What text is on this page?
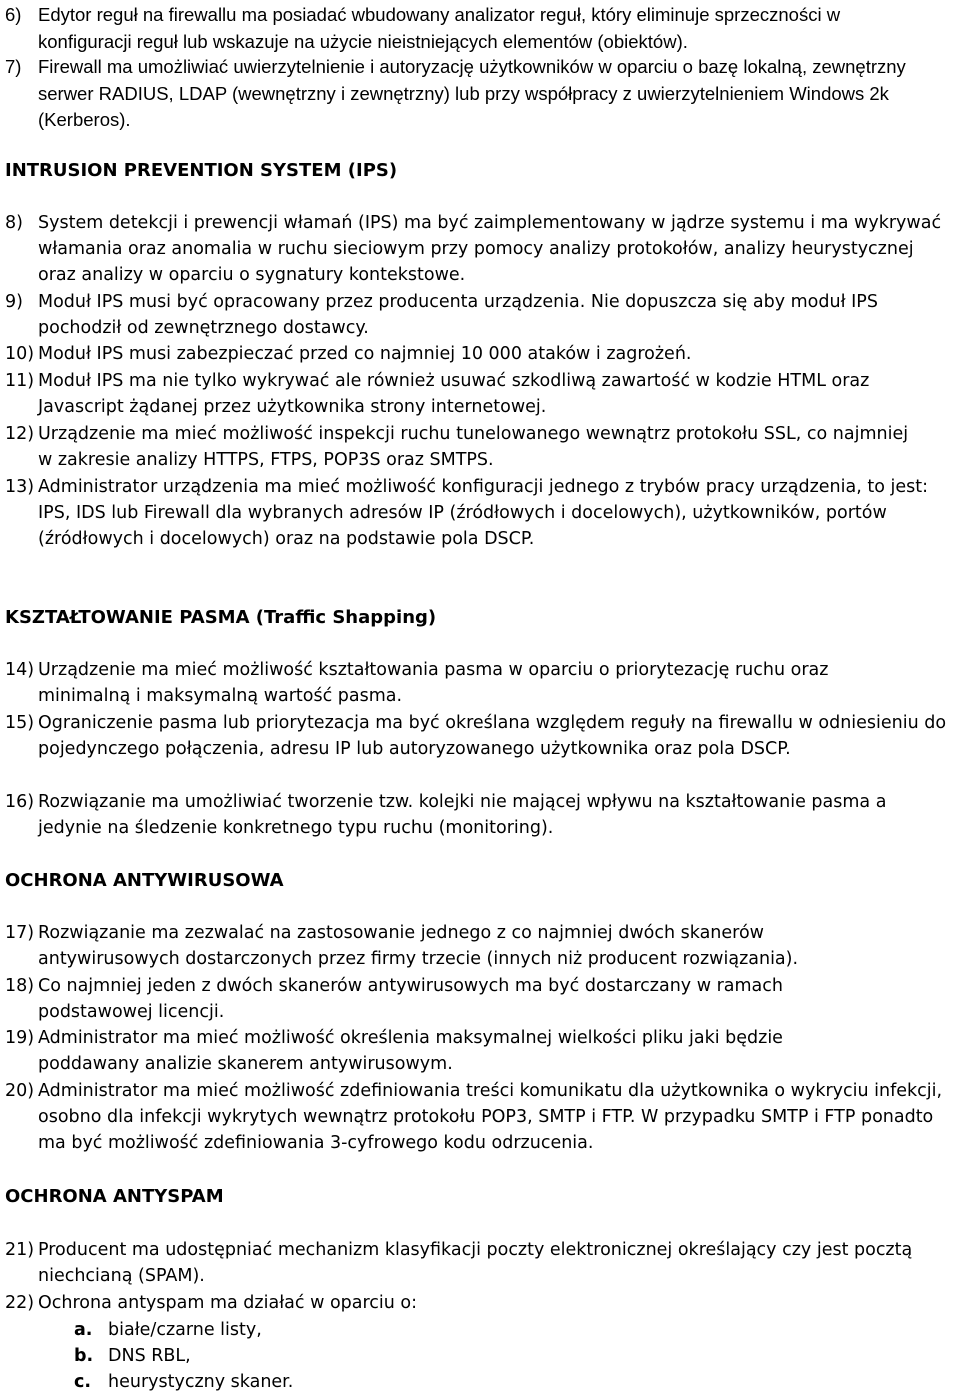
6) Edytor reguł na firewallu ma posiadać wbudowany analizator reguł, który eliminuje sprzeczności w konfiguracji reguł lub wskazuje na użycie nieistniejących elementów (obiektów).
7) Firewall ma umożliwiać uwierzytelnienie i autoryzację użytkowników w oparciu o bazę lokalną, zewnętrzny serwer RADIUS, LDAP (wewnętrzny i zewnętrzny) lub przy współpracy z uwierzytelnieniem Windows 2k (Kerberos).
INTRUSION PREVENTION SYSTEM (IPS)
8) System detekcji i prewencji włamań (IPS) ma być zaimplementowany w jądrze systemu i ma wykrywać włamania oraz anomalia w ruchu sieciowym przy pomocy analizy protokołów, analizy heurystycznej oraz analizy w oparciu o sygnatury kontekstowe.
9) Moduł IPS musi być opracowany przez producenta urządzenia. Nie dopuszcza się aby moduł IPS pochodził od zewnętrznego dostawcy.
10) Moduł IPS musi zabezpieczać przed co najmniej 10 000 ataków i zagrożeń.
11) Moduł IPS ma nie tylko wykrywać ale również usuwać szkodliwą zawartość w kodzie HTML oraz Javascript żądanej przez użytkownika strony internetowej.
12) Urządzenie ma mieć możliwość inspekcji ruchu tunelowanego wewnątrz protokołu SSL, co najmniej w zakresie analizy HTTPS, FTPS, POP3S oraz SMTPS.
13) Administrator urządzenia ma mieć możliwość konfiguracji jednego z trybów pracy urządzenia, to jest: IPS, IDS lub Firewall dla wybranych adresów IP (źródłowych i docelowych), użytkowników, portów (źródłowych i docelowych) oraz na podstawie pola DSCP.
KSZTAŁTOWANIE PASMA (Traffic Shapping)
14) Urządzenie ma mieć możliwość kształtowania pasma w oparciu o priorytezację ruchu oraz minimalną i maksymalną wartość pasma.
15) Ograniczenie pasma lub priorytezacja ma być określana względem reguły na firewallu w odniesieniu do pojedynczego połączenia, adresu IP lub autoryzowanego użytkownika oraz pola DSCP.
16) Rozwiązanie ma umożliwiać tworzenie tzw. kolejki nie mającej wpływu na kształtowanie pasma a jedynie na śledzenie konkretnego typu ruchu (monitoring).
OCHRONA ANTYWIRUSOWA
17) Rozwiązanie ma zezwalać na zastosowanie jednego z co najmniej dwóch skanerów antywirusowych dostarczonych przez firmy trzecie (innych niż producent rozwiązania).
18) Co najmniej jeden z dwóch skanerów antywirusowych ma być dostarczany w ramach podstawowej licencji.
19) Administrator ma mieć możliwość określenia maksymalnej wielkości pliku jaki będzie poddawany analizie skanerem antywirusowym.
20) Administrator ma mieć możliwość zdefiniowania treści komunikatu dla użytkownika o wykryciu infekcji, osobno dla infekcji wykrytych wewnątrz protokołu POP3, SMTP i FTP. W przypadku SMTP i FTP ponadto ma być możliwość zdefiniowania 3-cyfrowego kodu odrzucenia.
OCHRONA ANTYSPAM
21) Producent ma udostępniać mechanizm klasyfikacji poczty elektronicznej określający czy jest pocztą niechcianą (SPAM).
22) Ochrona antyspam ma działać w oparciu o:
a. białe/czarne listy,
b. DNS RBL,
c. heurystyczny skaner.
